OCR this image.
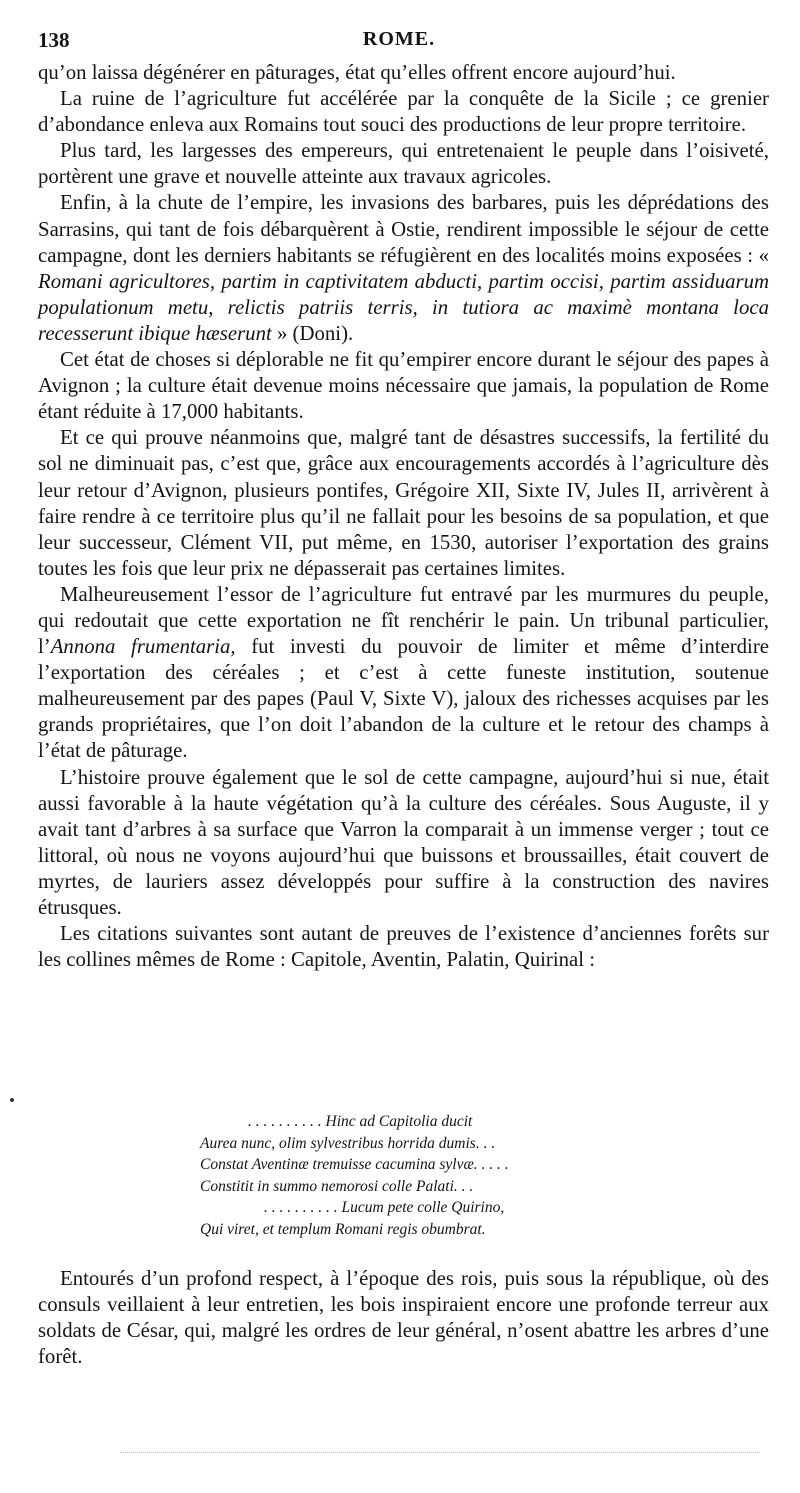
138	ROME.

qu’on laissa dégénérer en pâturages, état qu’elles offrent encore aujourd’hui.

La ruine de l’agriculture fut accélérée par la conquête de la Sicile ; ce grenier d’abondance enleva aux Romains tout souci des productions de leur propre territoire.

Plus tard, les largesses des empereurs, qui entretenaient le peuple dans l’oisiveté, portèrent une grave et nouvelle atteinte aux travaux agricoles.

Enfin, à la chute de l’empire, les invasions des barbares, puis les déprédations des Sarrasins, qui tant de fois débarquèrent à Ostie, rendirent impossible le séjour de cette campagne, dont les derniers habitants se réfugièrent en des localités moins exposées : « Romani agricultores, partim in captivitatem abducti, partim occisi, partim assiduarum populationum metu, relictis patriis terris, in tutiora ac maximè montana loca recesserunt ibique hæserunt » (Doni).

Cet état de choses si déplorable ne fit qu’empirer encore durant le séjour des papes à Avignon ; la culture était devenue moins nécessaire que jamais, la population de Rome étant réduite à 17,000 habitants.

Et ce qui prouve néanmoins que, malgré tant de désastres successifs, la fertilité du sol ne diminuait pas, c’est que, grâce aux encouragements accordés à l’agriculture dès leur retour d’Avignon, plusieurs pontifes, Grégoire XII, Sixte IV, Jules II, arrivèrent à faire rendre à ce territoire plus qu’il ne fallait pour les besoins de sa population, et que leur successeur, Clément VII, put même, en 1530, autoriser l’exportation des grains toutes les fois que leur prix ne dépasserait pas certaines limites.

Malheureusement l’essor de l’agriculture fut entravé par les murmures du peuple, qui redoutait que cette exportation ne fît renchérir le pain. Un tribunal particulier, l’Annona frumentaria, fut investi du pouvoir de limiter et même d’interdire l’exportation des céréales ; et c’est à cette funeste institution, soutenue malheureusement par des papes (Paul V, Sixte V), jaloux des richesses acquises par les grands propriétaires, que l’on doit l’abandon de la culture et le retour des champs à l’état de pâturage.

L’histoire prouve également que le sol de cette campagne, aujourd’hui si nue, était aussi favorable à la haute végétation qu’à la culture des céréales. Sous Auguste, il y avait tant d’arbres à sa surface que Varron la comparait à un immense verger ; tout ce littoral, où nous ne voyons aujourd’hui que buissons et broussailles, était couvert de myrtes, de lauriers assez développés pour suffire à la construction des navires étrusques.

Les citations suivantes sont autant de preuves de l’existence d’anciennes forêts sur les collines mêmes de Rome : Capitole, Aventin, Palatin, Quirinal :

. . . . . . . . . . Hinc ad Capitolia ducit
Aurea nunc, olim sylvestribus horrida dumis. . .
Constat Aventinæ tremuisse cacumina sylvæ. . . . .
Constitit in summo nemorosi colle Palati. . .
. . . . . . . . . . Lucum pete colle Quirino,
Qui viret, et templum Romani regis obumbrat.

Entourés d’un profond respect, à l’époque des rois, puis sous la république, où des consuls veillaient à leur entretien, les bois inspiraient encore une profonde terreur aux soldats de César, qui, malgré les ordres de leur général, n’osent abattre les arbres d’une forêt.
